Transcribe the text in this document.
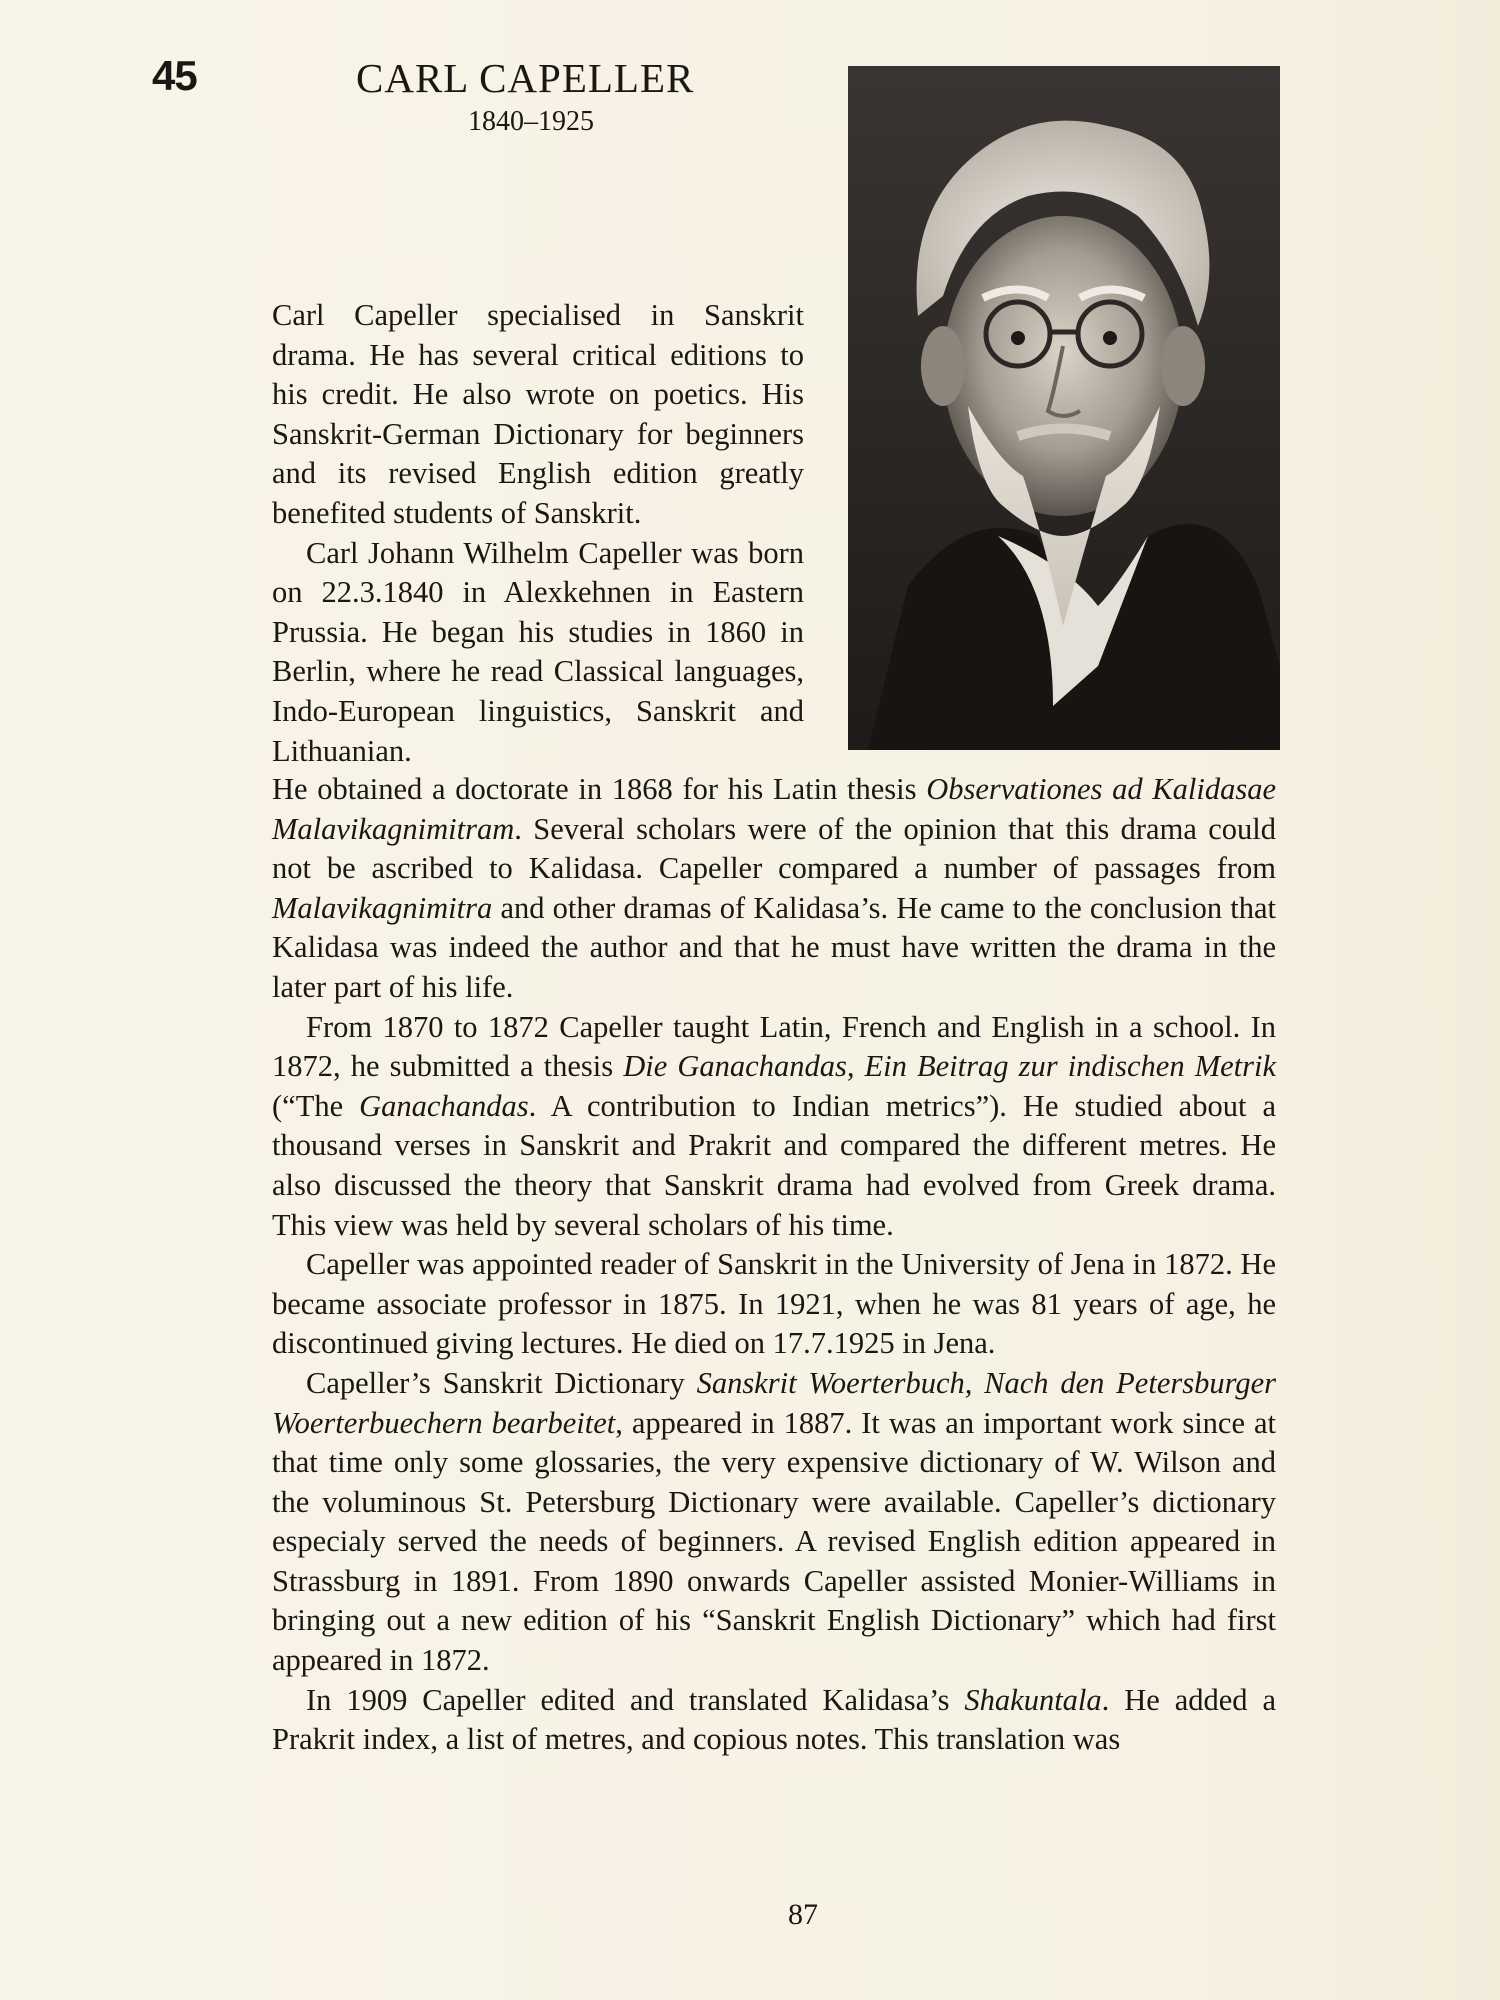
45	CARL CAPELLER
1840–1925

Carl Capeller specialised in Sanskrit drama. He has several critical editions to his credit. He also wrote on poetics. His Sanskrit-German Dictionary for beginners and its revised English edition greatly benefited students of Sanskrit.

Carl Johann Wilhelm Capeller was born on 22.3.1840 in Alexkehnen in Eastern Prussia. He began his studies in 1860 in Berlin, where he read Classical languages, Indo-European linguistics, Sanskrit and Lithuanian.

He obtained a doctorate in 1868 for his Latin thesis Observationes ad Kalidasae Malavikagnimitram. Several scholars were of the opinion that this drama could not be ascribed to Kalidasa. Capeller compared a number of passages from Malavikagnimitra and other dramas of Kalidasa’s. He came to the conclusion that Kalidasa was indeed the author and that he must have written the drama in the later part of his life.

From 1870 to 1872 Capeller taught Latin, French and English in a school. In 1872, he submitted a thesis Die Ganachandas, Ein Beitrag zur indischen Metrik (“The Ganachandas. A contribution to Indian metrics”). He studied about a thousand verses in Sanskrit and Prakrit and compared the different metres. He also discussed the theory that Sanskrit drama had evolved from Greek drama. This view was held by several scholars of his time.

Capeller was appointed reader of Sanskrit in the University of Jena in 1872. He became associate professor in 1875. In 1921, when he was 81 years of age, he discontinued giving lectures. He died on 17.7.1925 in Jena.

Capeller’s Sanskrit Dictionary Sanskrit Woerterbuch, Nach den Petersburger Woerterbuechern bearbeitet, appeared in 1887. It was an important work since at that time only some glossaries, the very expensive dictionary of W. Wilson and the voluminous St. Petersburg Dictionary were available. Capeller’s dictionary especialy served the needs of beginners. A revised English edition appeared in Strassburg in 1891. From 1890 onwards Capeller assisted Monier-Williams in bringing out a new edition of his “Sanskrit English Dictionary” which had first appeared in 1872.

In 1909 Capeller edited and translated Kalidasa’s Shakuntala. He added a Prakrit index, a list of metres, and copious notes. This translation was

87
